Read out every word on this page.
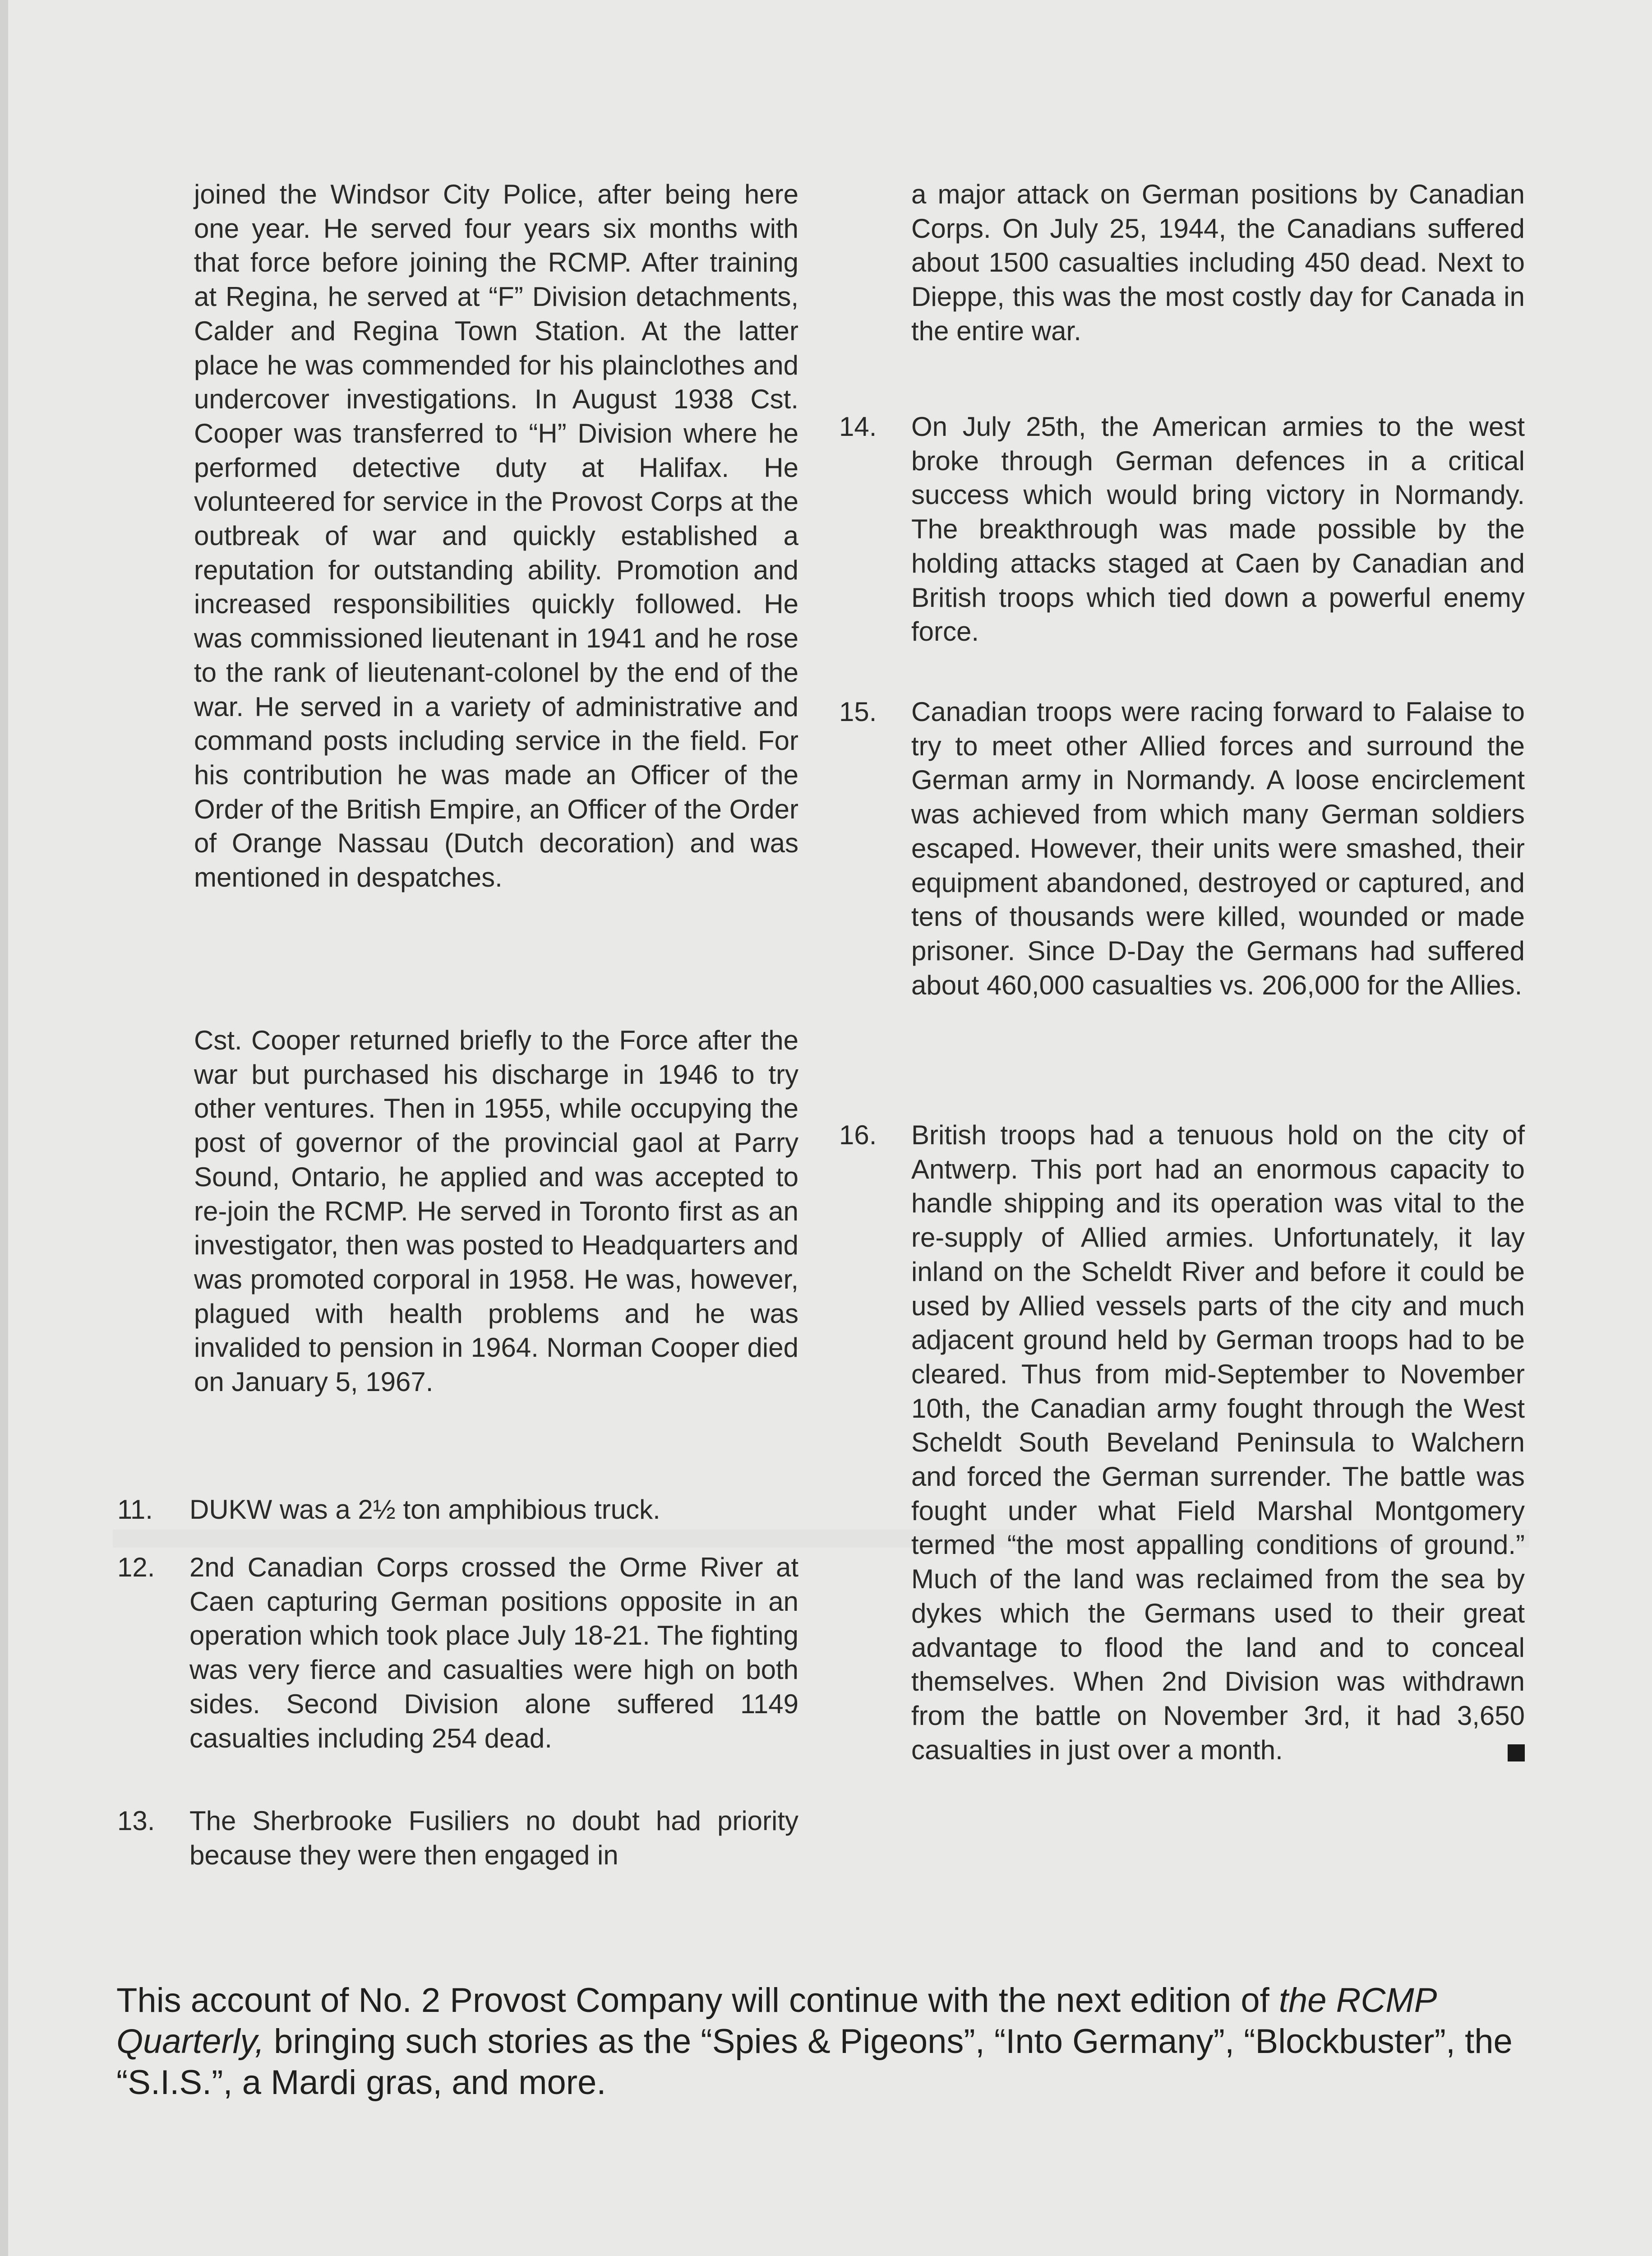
joined the Windsor City Police, after being here one year. He served four years six months with that force before joining the RCMP. After training at Regina, he served at “F” Division detachments, Calder and Regina Town Station. At the latter place he was commended for his plainclothes and undercover investigations. In August 1938 Cst. Cooper was transferred to “H” Division where he performed detective duty at Halifax. He volunteered for service in the Provost Corps at the outbreak of war and quickly established a reputation for outstanding ability. Promotion and increased responsibilities quickly followed. He was commissioned lieutenant in 1941 and he rose to the rank of lieutenant-colonel by the end of the war. He served in a variety of administrative and command posts including service in the field. For his contribution he was made an Officer of the Order of the British Empire, an Officer of the Order of Orange Nassau (Dutch decoration) and was mentioned in despatches.

Cst. Cooper returned briefly to the Force after the war but purchased his discharge in 1946 to try other ventures. Then in 1955, while occupying the post of governor of the provincial gaol at Parry Sound, Ontario, he applied and was accepted to re-join the RCMP. He served in Toronto first as an investigator, then was posted to Headquarters and was promoted corporal in 1958. He was, however, plagued with health problems and he was invalided to pension in 1964. Norman Cooper died on January 5, 1967.

11.	DUKW was a 2½ ton amphibious truck.

12.	2nd Canadian Corps crossed the Orme River at Caen capturing German positions opposite in an operation which took place July 18-21. The fighting was very fierce and casualties were high on both sides. Second Division alone suffered 1149 casualties including 254 dead.

13.	The Sherbrooke Fusiliers no doubt had priority because they were then engaged in

a major attack on German positions by Canadian Corps. On July 25, 1944, the Canadians suffered about 1500 casualties including 450 dead. Next to Dieppe, this was the most costly day for Canada in the entire war.

14.	On July 25th, the American armies to the west broke through German defences in a critical success which would bring victory in Normandy. The breakthrough was made possible by the holding attacks staged at Caen by Canadian and British troops which tied down a powerful enemy force.

15.	Canadian troops were racing forward to Falaise to try to meet other Allied forces and surround the German army in Normandy. A loose encirclement was achieved from which many German soldiers escaped. However, their units were smashed, their equipment abandoned, destroyed or captured, and tens of thousands were killed, wounded or made prisoner. Since D-Day the Germans had suffered about 460,000 casualties vs. 206,000 for the Allies.

16.	British troops had a tenuous hold on the city of Antwerp. This port had an enormous capacity to handle shipping and its operation was vital to the re-supply of Allied armies. Unfortunately, it lay inland on the Scheldt River and before it could be used by Allied vessels parts of the city and much adjacent ground held by German troops had to be cleared. Thus from mid-September to November 10th, the Canadian army fought through the West Scheldt South Beveland Peninsula to Walchern and forced the German surrender. The battle was fought under what Field Marshal Montgomery termed “the most appalling conditions of ground.” Much of the land was reclaimed from the sea by dykes which the Germans used to their great advantage to flood the land and to conceal themselves. When 2nd Division was withdrawn from the battle on November 3rd, it had 3,650 casualties in just over a month.

This account of No. 2 Provost Company will continue with the next edition of the RCMP Quarterly, bringing such stories as the “Spies & Pigeons”, “Into Germany”, “Blockbuster”, the “S.I.S.”, a Mardi gras, and more.
